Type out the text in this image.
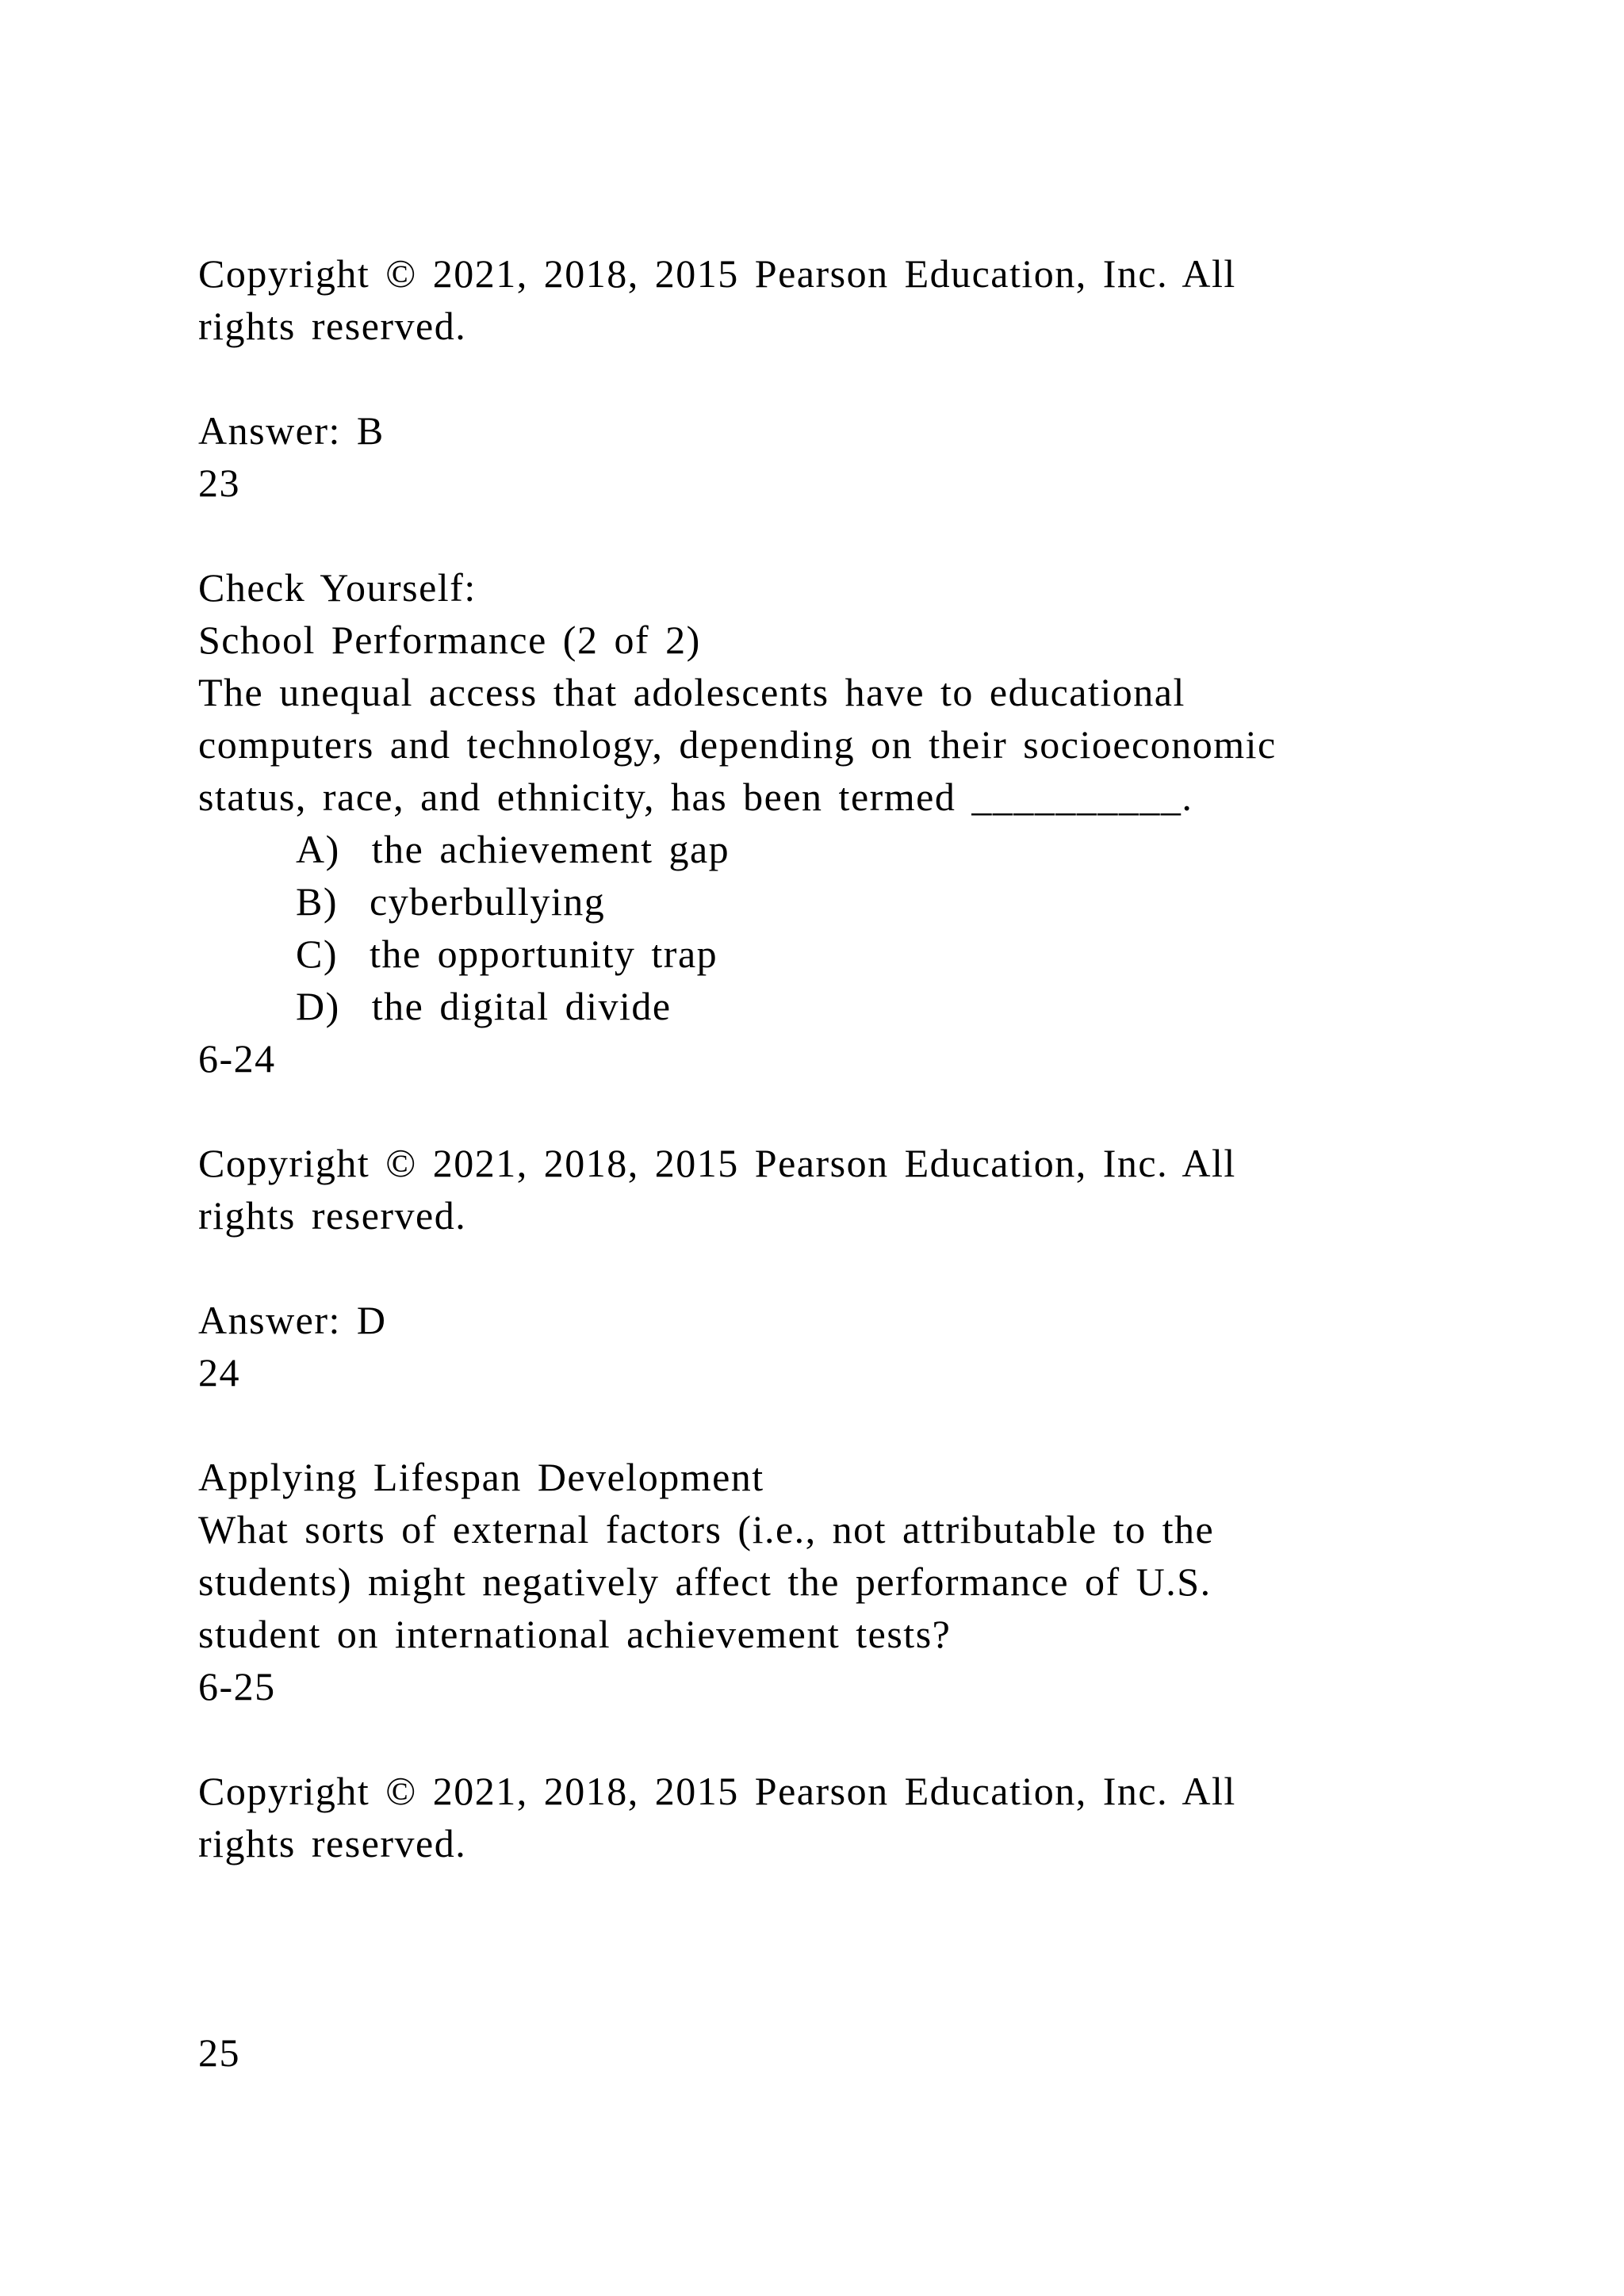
Copyright © 2021, 2018, 2015 Pearson Education, Inc. All
rights reserved.
Answer: B
23
Check Yourself:
School Performance (2 of 2)
The unequal access that adolescents have to educational
computers and technology, depending on their socioeconomic
status, race, and ethnicity, has been termed __________.
A)  the achievement gap
B)  cyberbullying
C)  the opportunity trap
D)  the digital divide
6-24
Copyright © 2021, 2018, 2015 Pearson Education, Inc. All
rights reserved.
Answer: D
24
Applying Lifespan Development
What sorts of external factors (i.e., not attributable to the
students) might negatively affect the performance of U.S.
student on international achievement tests?
6-25
Copyright © 2021, 2018, 2015 Pearson Education, Inc. All
rights reserved.
25
